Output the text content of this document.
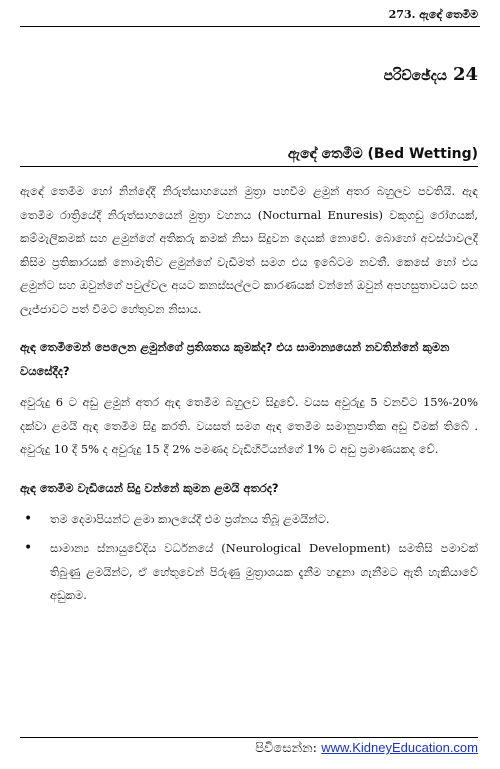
273. ඇඳේ තෙමීම
පරිච්ඡේදය 24
ඇඳේ තෙමීම (Bed Wetting)

ඇඳේ තෙමීම හෝ නින්දේදී නිරුත්සාහයෙන් මුත්‍රා පහවීම ළමුන් අතර බහුලව පවතියි. ඇඳ තෙමීම රාත්‍රියේදී නිරුත්සාහයෙන් මුත්‍රා වහනය (Nocturnal Enuresis) වකුගඩු රෝගයක්, කම්මැලිකමක් සහ ළමුන්ගේ අතිකරු කමක් නිසා සිදුවන දෙයක් නොවේ. බොහෝ අවස්ථාවලදී කිසිම ප්‍රතිකාරයක් නොමැතිව ළමුන්ගේ වැඩීමත් සමග එය ඉබේටම නවතී. කෙසේ හෝ එය ළමුන්ට සහ ඔවුන්ගේ පවුල්වල අයට කනස්සල්ලට කාරණයක් වන්නේ ඔවුන් අපහසුතාවයට සහ ලැජ්ජාවට පත් වීමට හේතුවන නිසාය.

ඇඳ තෙමීමෙන් පෙලෙන ළමුන්ගේ ප්‍රතිශතය කුමක්ද? එය සාමාන්‍යයෙන් නවතින්නේ කුමන වයසේදීද?

අවුරුදු 6 ට අඩු ළමුන් අතර ඇඳ තෙමීම බහුලව සිදුවේ. වයස අවුරුදු 5 වනවිට 15%-20% දක්වා ළමයි ඇඳ තෙමීම සිදු කරති. වයසත් සමග ඇඳ තෙමීම සමානුපාතික අඩු වීමක් තිබේ . අවුරුදු 10 දී 5% ද අවුරුදු 15 දී 2% පමණද වැඩිහිටියන්ගේ 1% ට අඩු ප්‍රමාණයකද වේ.

ඇඳ තෙමීම වැඩියෙන් සිදු වන්නේ කුමන ළමයි අතරද?
• තම දෙමාපියන්ට ළමා කාලයේදී එම ප්‍රශ්නය තිබූ ළමයින්ට.
• සාමාන්‍ය ස්නායුවේදිය වර්ධනයේ (Neurological Development) සමතිසි පමාවක් තිබුණු ළමයින්ට, ඒ හේතුවෙන් පිරුණු මුත්‍රාශයක දැනීම හඳුනා ගැනීමට ඇති හැකියාවේ අඩුකම.
පිවිසෙන්න: www.KidneyEducation.com
